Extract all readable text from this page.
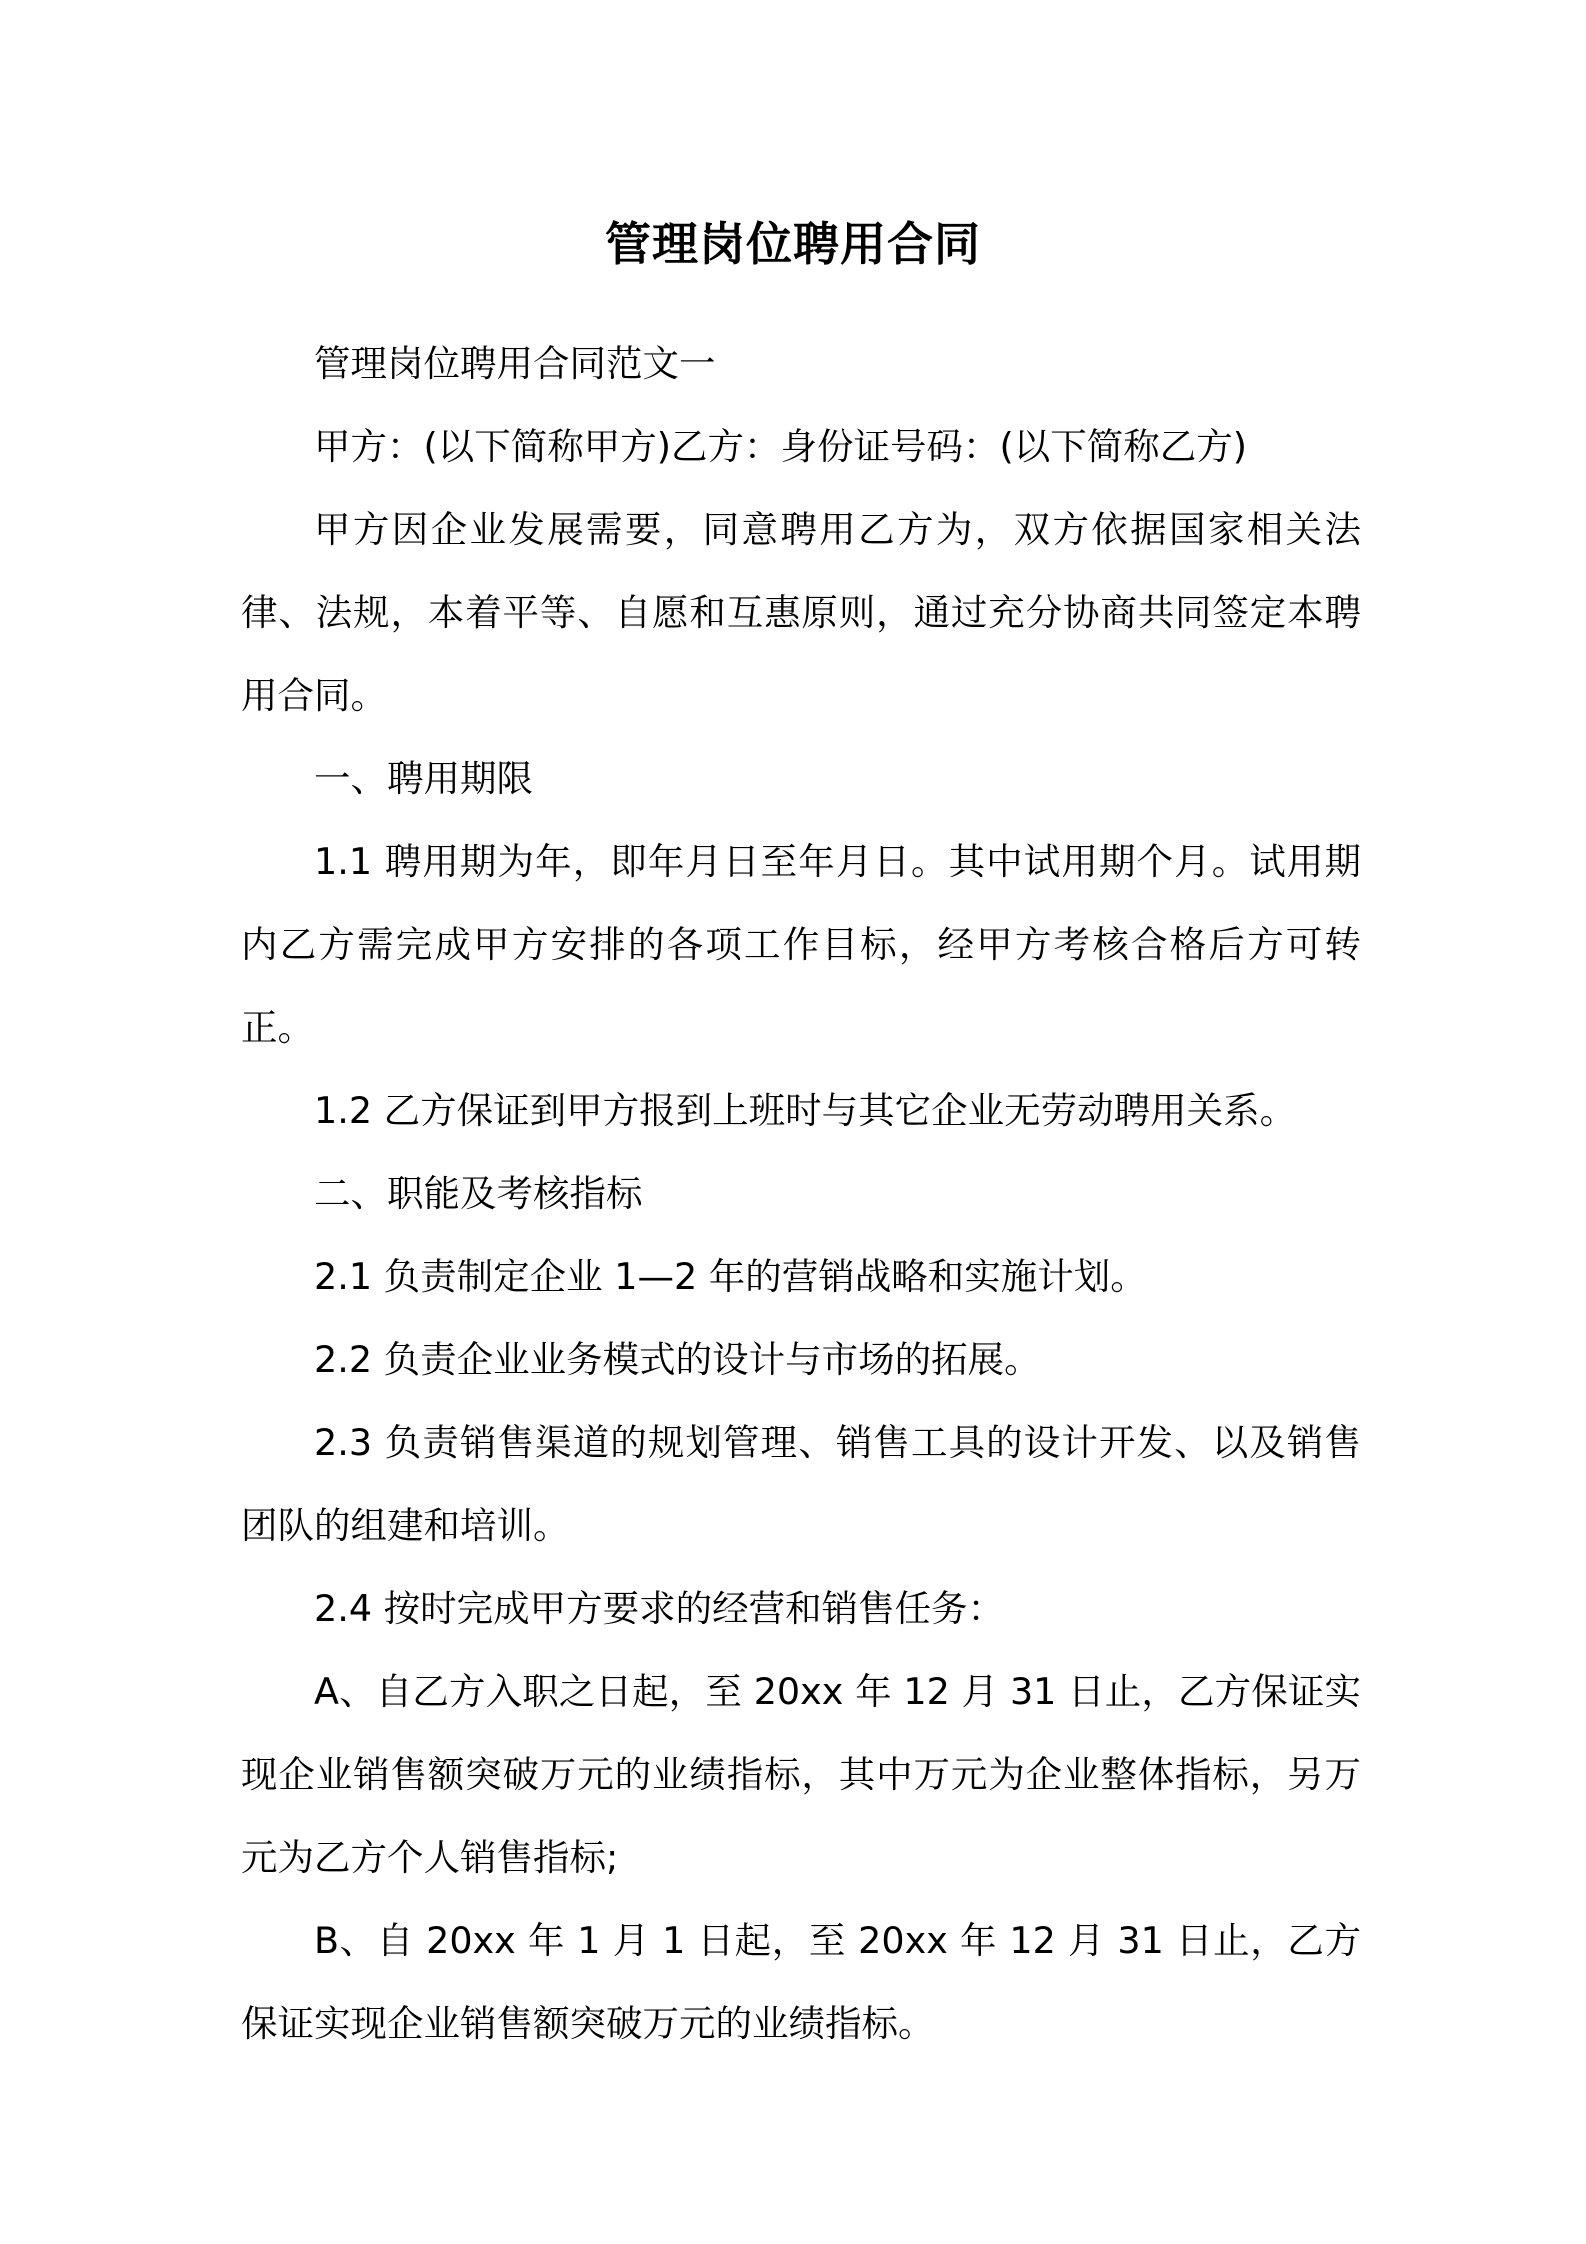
管理岗位聘用合同

管理岗位聘用合同范文一

甲方：(以下简称甲方)乙方：身份证号码：(以下简称乙方)

甲方因企业发展需要，同意聘用乙方为，双方依据国家相关法律、法规，本着平等、自愿和互惠原则，通过充分协商共同签定本聘用合同。

一、聘用期限

1.1 聘用期为年，即年月日至年月日。其中试用期个月。试用期内乙方需完成甲方安排的各项工作目标，经甲方考核合格后方可转正。

1.2 乙方保证到甲方报到上班时与其它企业无劳动聘用关系。

二、职能及考核指标

2.1 负责制定企业 1—2 年的营销战略和实施计划。

2.2 负责企业业务模式的设计与市场的拓展。

2.3 负责销售渠道的规划管理、销售工具的设计开发、以及销售团队的组建和培训。

2.4 按时完成甲方要求的经营和销售任务：

A、自乙方入职之日起，至 20xx 年 12 月 31 日止，乙方保证实现企业销售额突破万元的业绩指标，其中万元为企业整体指标，另万元为乙方个人销售指标;

B、自 20xx 年 1 月 1 日起，至 20xx 年 12 月 31 日止，乙方保证实现企业销售额突破万元的业绩指标。
